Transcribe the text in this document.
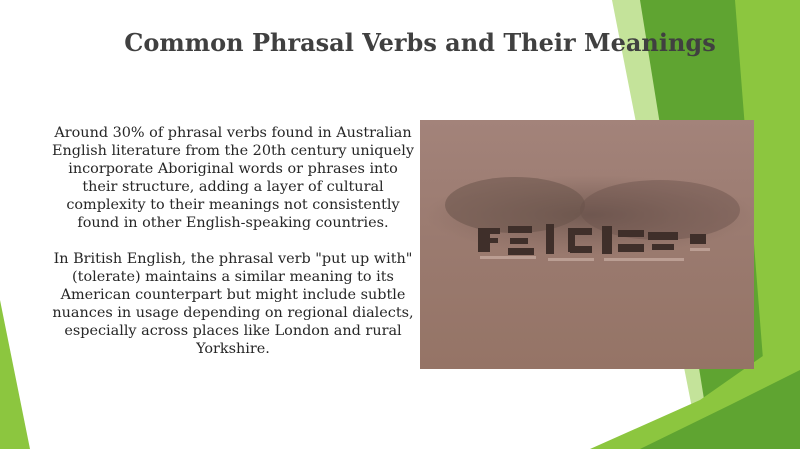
Common Phrasal Verbs and Their Meanings

Around 30% of phrasal verbs found in Australian English literature from the 20th century uniquely incorporate Aboriginal words or phrases into their structure, adding a layer of cultural complexity to their meanings not consistently found in other English-speaking countries.

In British English, the phrasal verb "put up with" (tolerate) maintains a similar meaning to its American counterpart but might include subtle nuances in usage depending on regional dialects, especially across places like London and rural Yorkshire.
